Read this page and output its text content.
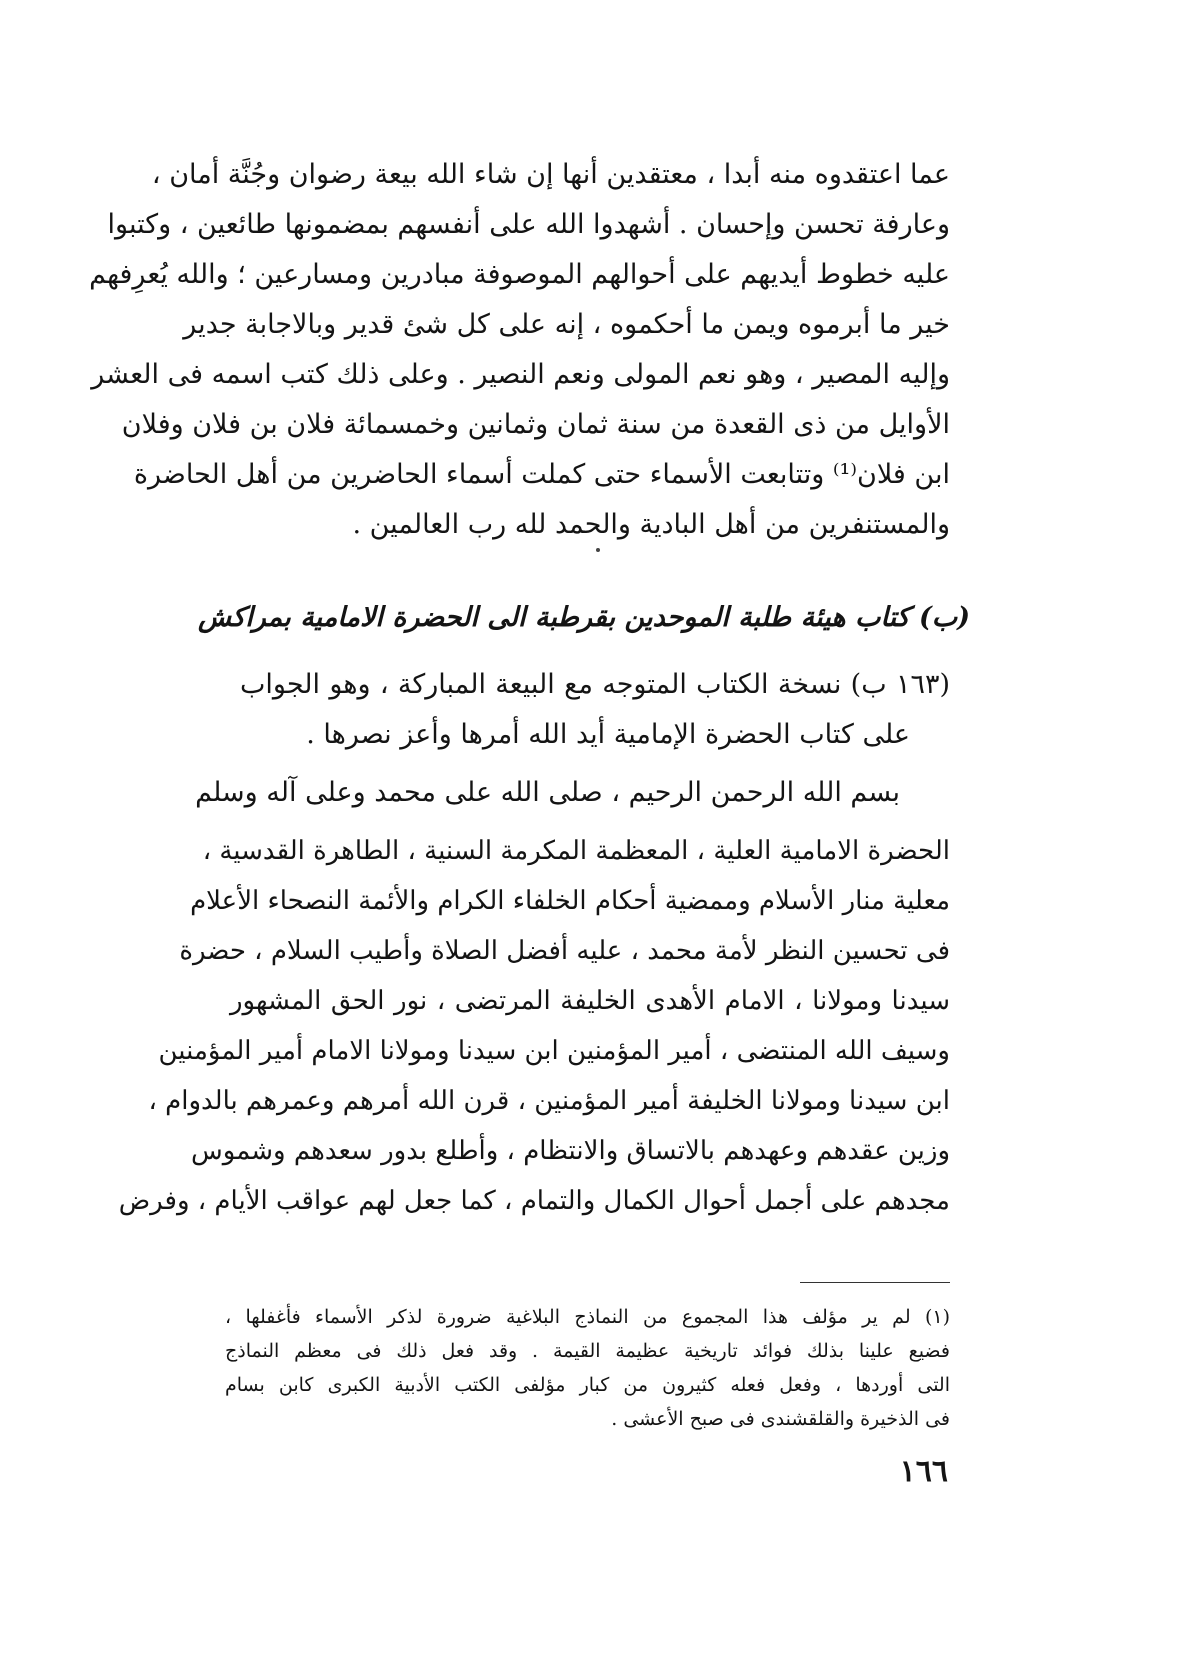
عما اعتقدوه منه أبدا ، معتقدين أنها إن شاء الله بيعة رضوان وجُنَّة أمان ،
وعارفة تحسن وإحسان . أشهدوا الله على أنفسهم بمضمونها طائعين ، وكتبوا
عليه خطوط أيديهم على أحوالهم الموصوفة مبادرين ومسارعين ؛ والله يُعرِفهم
خير ما أبرموه ويمن ما أحكموه ، إنه على كل شئ قدير وبالاجابة جدير
وإليه المصير ، وهو نعم المولى ونعم النصير . وعلى ذلك كتب اسمه فى العشر
الأوايل من ذى القعدة من سنة ثمان وثمانين وخمسمائة فلان بن فلان وفلان
ابن فلان⁽¹⁾ وتتابعت الأسماء حتى كملت أسماء الحاضرين من أهل الحاضرة
والمستنفرين من أهل البادية والحمد لله رب العالمين .
(ب) كتاب هيئة طلبة الموحدين بقرطبة الى الحضرة الامامية بمراكش
(١٦٣ ب) نسخة الكتاب المتوجه مع البيعة المباركة ، وهو الجواب
على كتاب الحضرة الإمامية أيد الله أمرها وأعز نصرها .
بسم الله الرحمن الرحيم ، صلى الله على محمد وعلى آله وسلم
الحضرة الامامية العلية ، المعظمة المكرمة السنية ، الطاهرة القدسية ،
معلية منار الأسلام وممضية أحكام الخلفاء الكرام والأئمة النصحاء الأعلام
فى تحسين النظر لأمة محمد ، عليه أفضل الصلاة وأطيب السلام ، حضرة
سيدنا ومولانا ، الامام الأهدى الخليفة المرتضى ، نور الحق المشهور
وسيف الله المنتضى ، أمير المؤمنين ابن سيدنا ومولانا الامام أمير المؤمنين
ابن سيدنا ومولانا الخليفة أمير المؤمنين ، قرن الله أمرهم وعمرهم بالدوام ،
وزين عقدهم وعهدهم بالاتساق والانتظام ، وأطلع بدور سعدهم وشموس
مجدهم على أجمل أحوال الكمال والتمام ، كما جعل لهم عواقب الأيام ، وفرض
(١) لم ير مؤلف هذا المجموع من النماذج البلاغية ضرورة لذكر الأسماء فأغفلها ،
فضيع علينا بذلك فوائد تاريخية عظيمة القيمة . وقد فعل ذلك فى معظم النماذج
التى أوردها ، وفعل فعله كثيرون من كبار مؤلفى الكتب الأدبية الكبرى كابن بسام
فى الذخيرة والقلقشندى فى صبح الأعشى .
١٦٦
